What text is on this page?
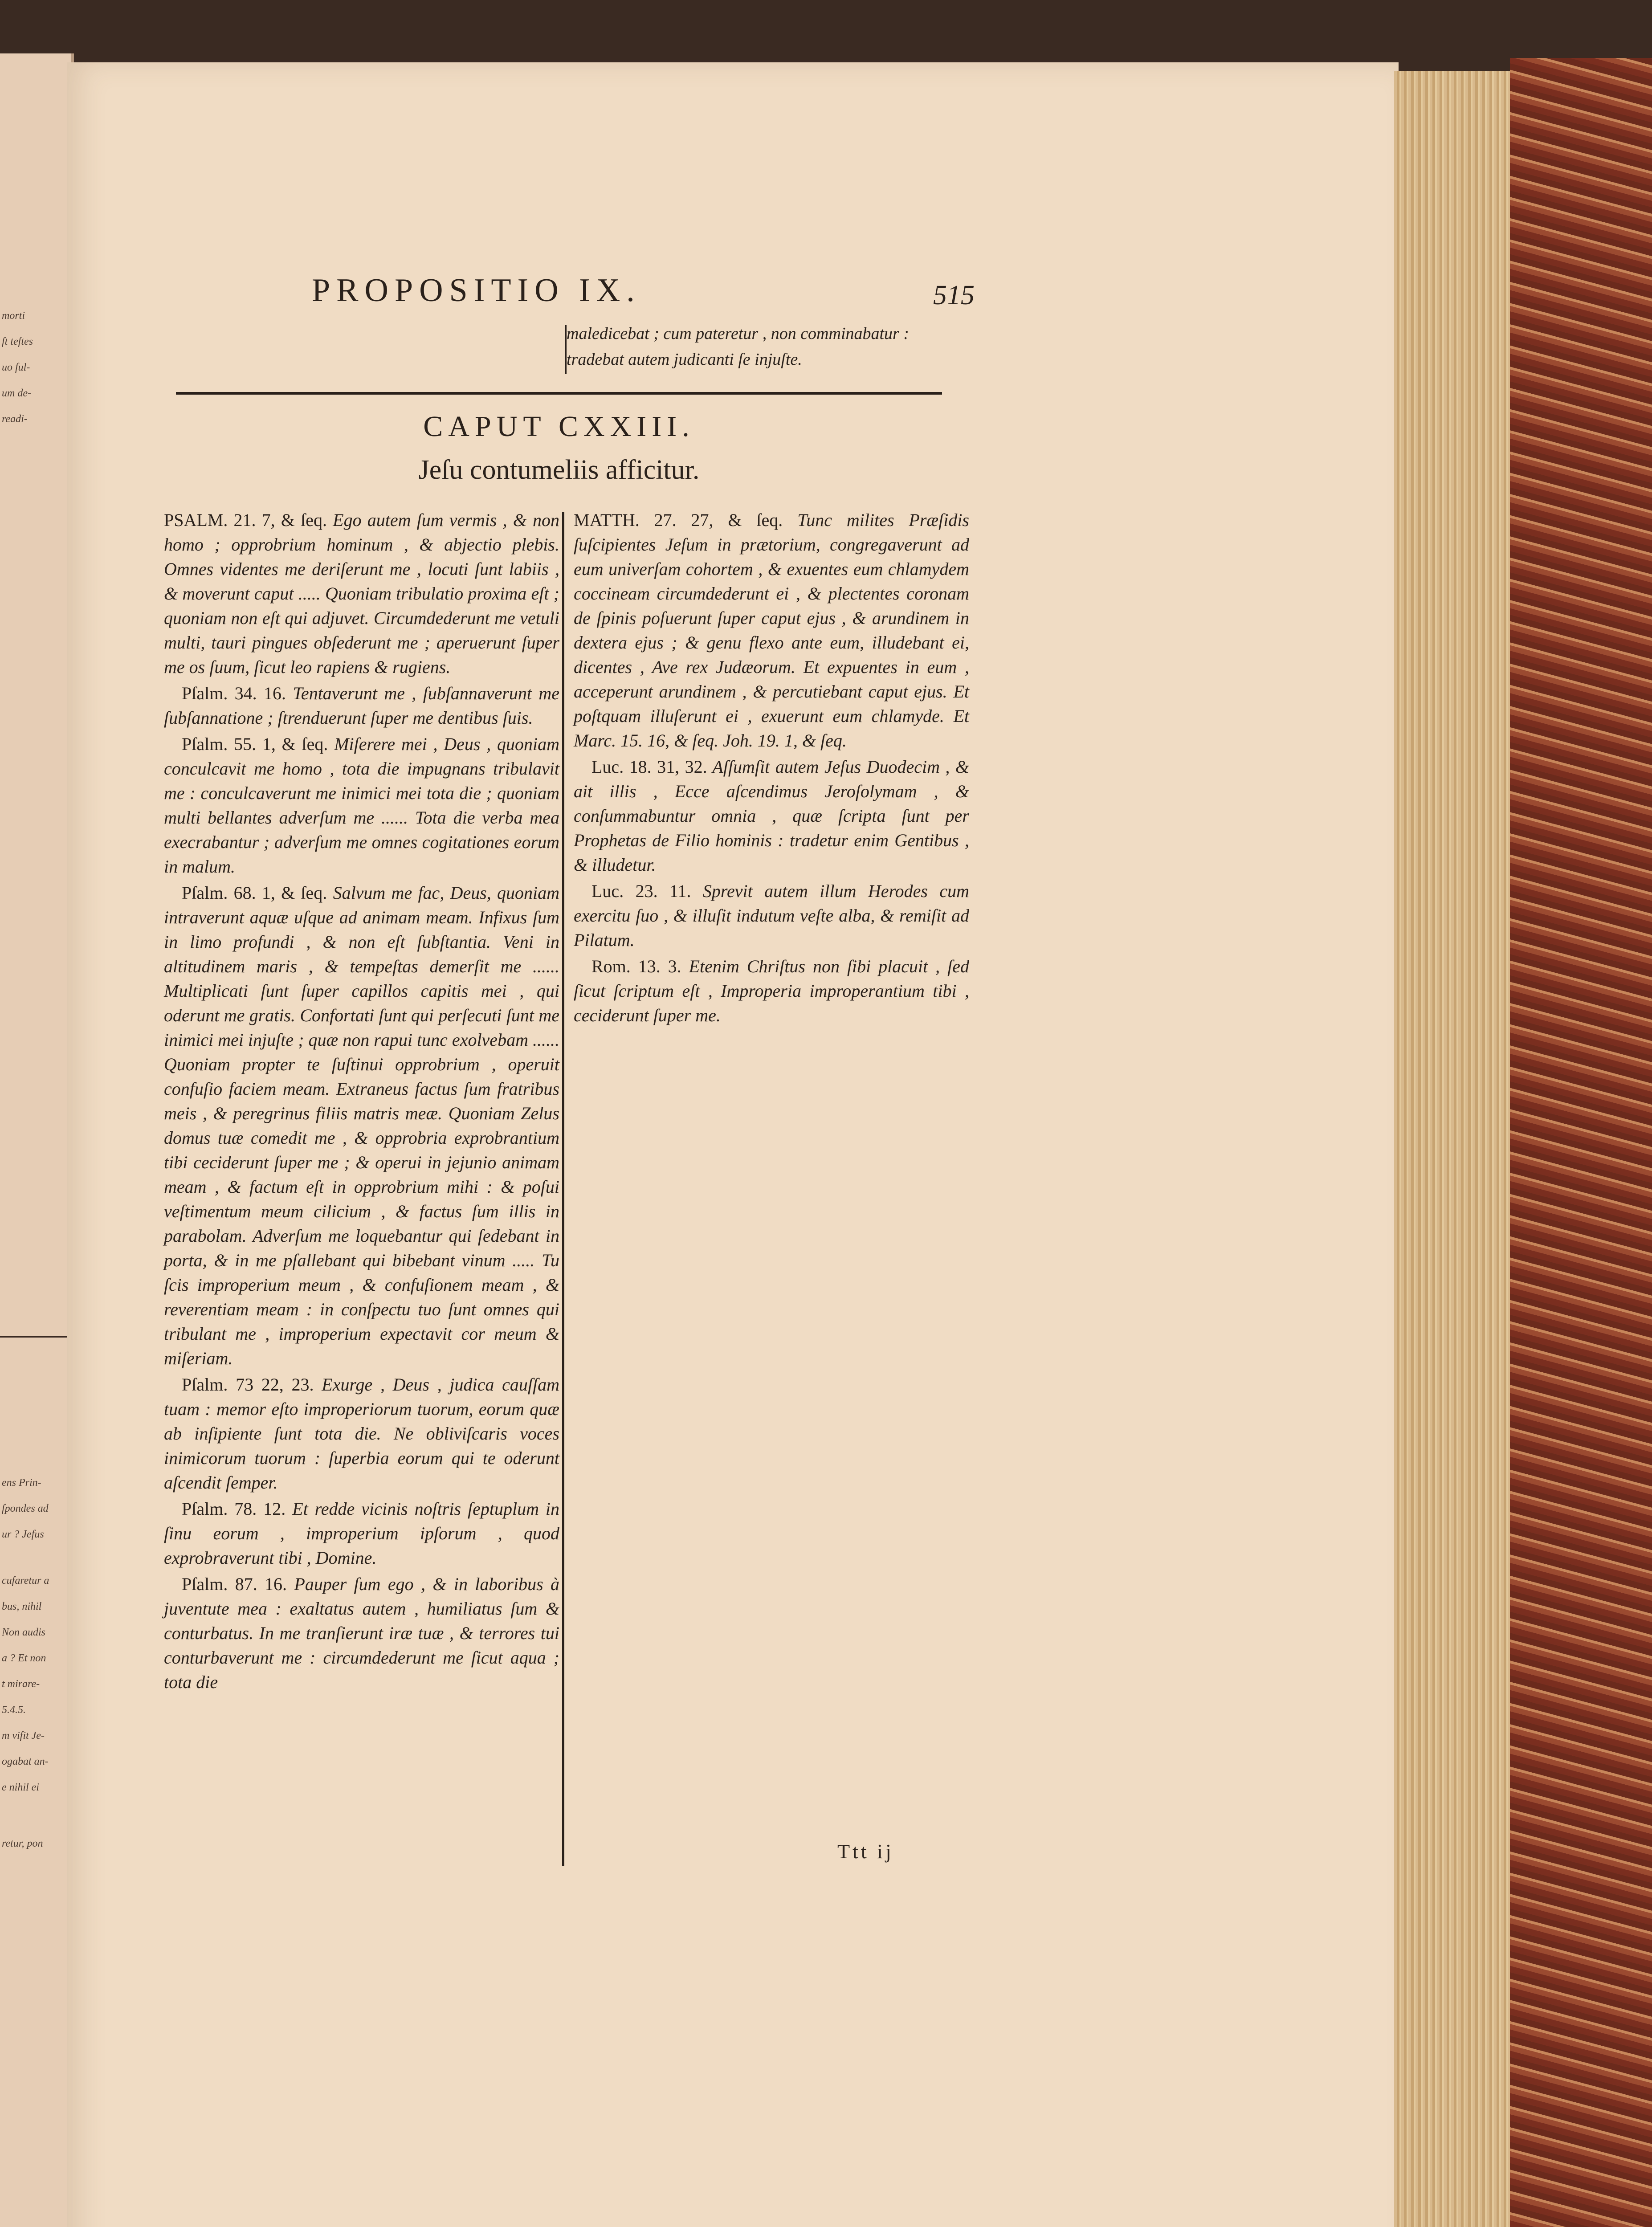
morti
ft teftes
uo ful-
um de-
readi-
ens Prin-
fpondes ad
ur ? Jefus
cufaretur a
bus, nihil
Non audis
a ? Et non
t mirare-
5.4.5.
m vifit Je-
ogabat an-
e nihil ei
retur, pon
PROPOSITIO IX.	515
maledicebat ; cum pateretur , non comminabatur : tradebat autem judicanti ſe injuſte.
CAPUT CXXIII.
Jeſu contumeliis afficitur.

PSALM. 21. 7, & ſeq. Ego autem ſum vermis , & non homo ; opprobrium hominum , & abjectio plebis. Omnes videntes me deriſerunt me , locuti ſunt labiis , & moverunt caput ..... Quoniam tribulatio proxima eſt ; quoniam non eſt qui adjuvet. Circumdederunt me vetuli multi, tauri pingues obſederunt me ; aperuerunt ſuper me os ſuum, ſicut leo rapiens & rugiens.

Pſalm. 34. 16. Tentaverunt me , ſubſannaverunt me ſubſannatione ; ſtrenduerunt ſuper me dentibus ſuis.

Pſalm. 55. 1, & ſeq. Miſerere mei , Deus , quoniam conculcavit me homo , tota die impugnans tribulavit me : conculcaverunt me inimici mei tota die ; quoniam multi bellantes adverſum me ...... Tota die verba mea execrabantur ; adverſum me omnes cogitationes eorum in malum.

Pſalm. 68. 1, & ſeq. Salvum me fac, Deus, quoniam intraverunt aquæ uſque ad animam meam. Infixus ſum in limo profundi , & non eſt ſubſtantia. Veni in altitudinem maris , & tempeſtas demerſit me ...... Multiplicati ſunt ſuper capillos capitis mei , qui oderunt me gratis. Confortati ſunt qui perſecuti ſunt me inimici mei injuſte ; quæ non rapui tunc exolvebam ...... Quoniam propter te ſuſtinui opprobrium , operuit confuſio faciem meam. Extraneus factus ſum fratribus meis , & peregrinus filiis matris meæ. Quoniam Zelus domus tuæ comedit me , & opprobria exprobrantium tibi ceciderunt ſuper me ; & operui in jejunio animam meam , & factum eſt in opprobrium mihi : & poſui veſtimentum meum cilicium , & factus ſum illis in parabolam. Adverſum me loquebantur qui ſedebant in porta, & in me pſallebant qui bibebant vinum ..... Tu ſcis improperium meum , & confuſionem meam , & reverentiam meam : in conſpectu tuo ſunt omnes qui tribulant me , improperium expectavit cor meum & miſeriam.

Pſalm. 73 22, 23. Exurge , Deus , judica cauſſam tuam : memor eſto improperiorum tuorum, eorum quæ ab inſipiente ſunt tota die. Ne obliviſcaris voces inimicorum tuorum : ſuperbia eorum qui te oderunt aſcendit ſemper.

Pſalm. 78. 12. Et redde vicinis noſtris ſeptuplum in ſinu eorum , improperium ipſorum , quod exprobraverunt tibi , Domine.

Pſalm. 87. 16. Pauper ſum ego , & in laboribus à juventute mea : exaltatus autem , humiliatus ſum & conturbatus. In me tranſierunt iræ tuæ , & terrores tui conturbaverunt me : circumdederunt me ſicut aqua ; tota die

MATTH. 27. 27, & ſeq. Tunc milites Præſidis ſuſcipientes Jeſum in prætorium, congregaverunt ad eum univerſam cohortem , & exuentes eum chlamydem coccineam circumdederunt ei , & plectentes coronam de ſpinis poſuerunt ſuper caput ejus , & arundinem in dextera ejus ; & genu flexo ante eum, illudebant ei, dicentes , Ave rex Judæorum. Et expuentes in eum , acceperunt arundinem , & percutiebant caput ejus. Et poſtquam illuſerunt ei , exuerunt eum chlamyde. Et Marc. 15. 16, & ſeq. Joh. 19. 1, & ſeq.

Luc. 18. 31, 32. Aſſumſit autem Jeſus Duodecim , & ait illis , Ecce aſcendimus Jeroſolymam , & conſummabuntur omnia , quæ ſcripta ſunt per Prophetas de Filio hominis : tradetur enim Gentibus , & illudetur.

Luc. 23. 11. Sprevit autem illum Herodes cum exercitu ſuo , & illuſit indutum veſte alba, & remiſit ad Pilatum.

Rom. 13. 3. Etenim Chriſtus non ſibi placuit , ſed ſicut ſcriptum eſt , Improperia improperantium tibi , ceciderunt ſuper me.

Ttt ij
